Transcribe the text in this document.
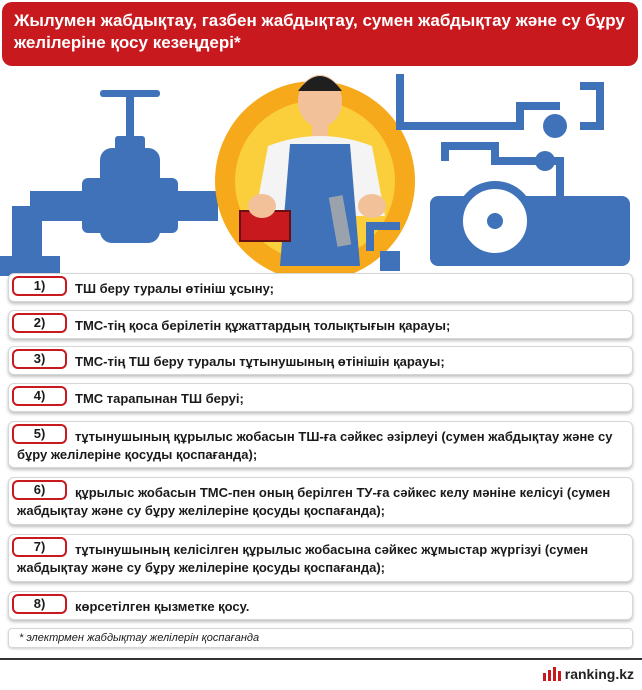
Жылумен жабдықтау, газбен жабдықтау, сумен жабдықтау және су бұру желілеріне қосу кезеңдері*
1)	ТШ беру туралы өтініш ұсыну;
2)	ТМС-тің қоса берілетін құжаттардың толықтығын қарауы;
3)	ТМС-тің ТШ беру туралы тұтынушының өтінішін қарауы;
4)	ТМС тарапынан ТШ беруі;
5)	тұтынушының құрылыс жобасын ТШ-ға сәйкес әзірлеуі (сумен жабдықтау және су бұру желілеріне қосуды қоспағанда);
6)	құрылыс жобасын ТМС-пен оның берілген ТУ-ға сәйкес келу мәніне келісуі (сумен жабдықтау және су бұру желілеріне қосуды қоспағанда);
7)	тұтынушының келісілген құрылыс жобасына сәйкес жұмыстар жүргізуі (сумен жабдықтау және су бұру желілеріне қосуды қоспағанда);
8)	көрсетілген қызметке қосу.
* электрмен жабдықтау желілерін қоспағанда
ranking.kz
